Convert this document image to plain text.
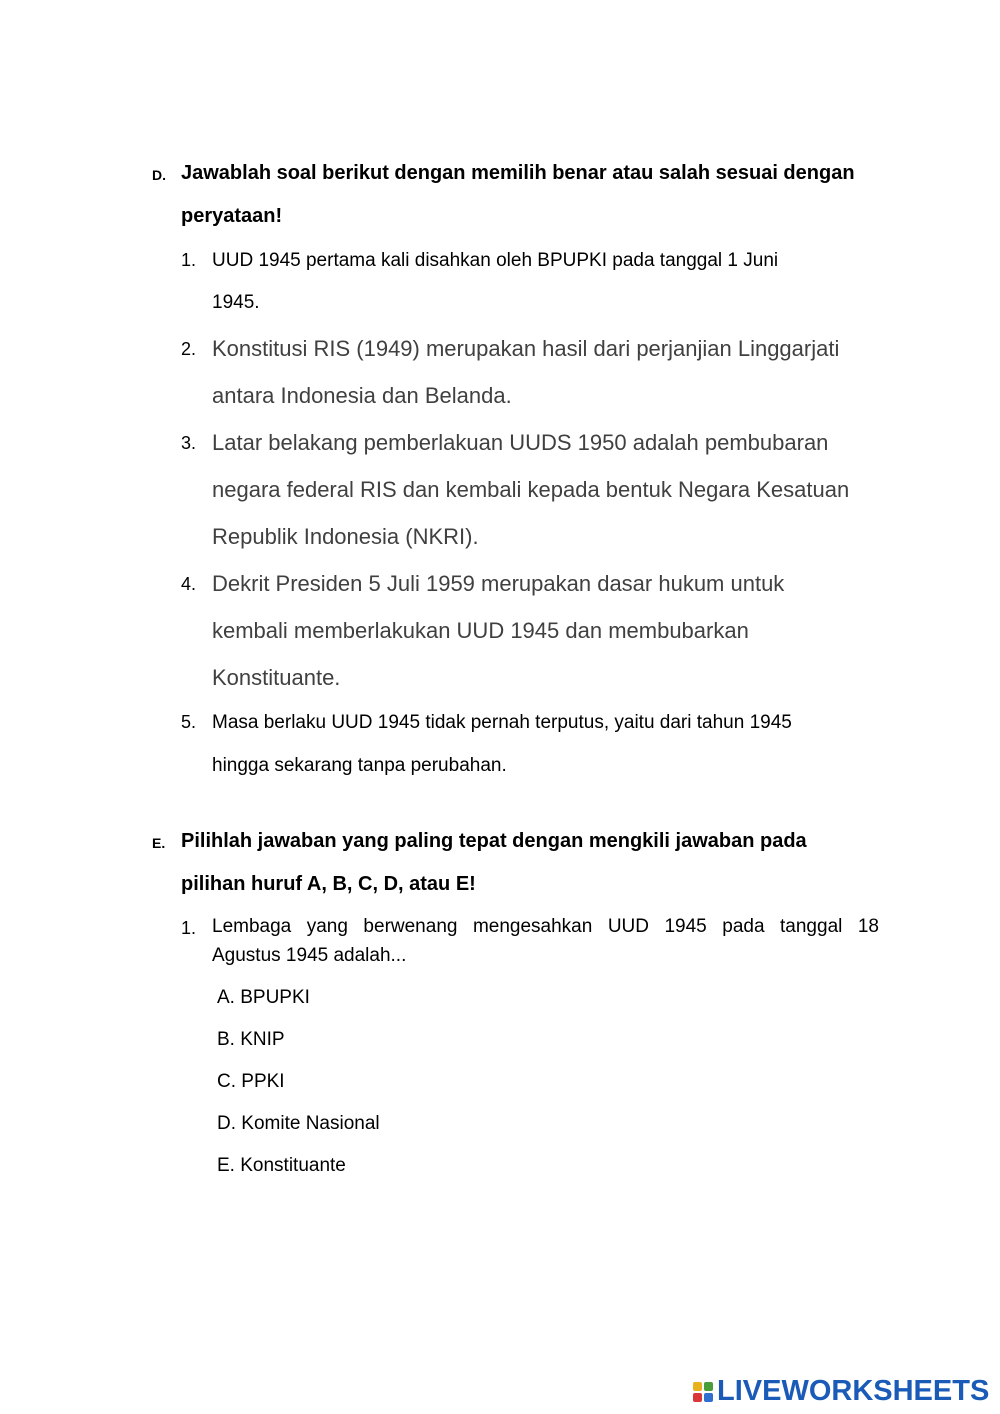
D. Jawablah soal berikut dengan memilih benar atau salah sesuai dengan
peryataan!
1. UUD 1945 pertama kali disahkan oleh BPUPKI pada tanggal 1 Juni
1945.
2. Konstitusi RIS (1949) merupakan hasil dari perjanjian Linggarjati
antara Indonesia dan Belanda.
3. Latar belakang pemberlakuan UUDS 1950 adalah pembubaran
negara federal RIS dan kembali kepada bentuk Negara Kesatuan
Republik Indonesia (NKRI).
4. Dekrit Presiden 5 Juli 1959 merupakan dasar hukum untuk
kembali memberlakukan UUD 1945 dan membubarkan
Konstituante.
5. Masa berlaku UUD 1945 tidak pernah terputus, yaitu dari tahun 1945
hingga sekarang tanpa perubahan.
E. Pilihlah jawaban yang paling tepat dengan mengkili jawaban pada
pilihan huruf A, B, C, D, atau E!
1. Lembaga yang berwenang mengesahkan UUD 1945 pada tanggal 18
Agustus 1945 adalah...
A. BPUPKI
B. KNIP
C. PPKI
D. Komite Nasional
E. Konstituante
LIVEWORKSHEETS
